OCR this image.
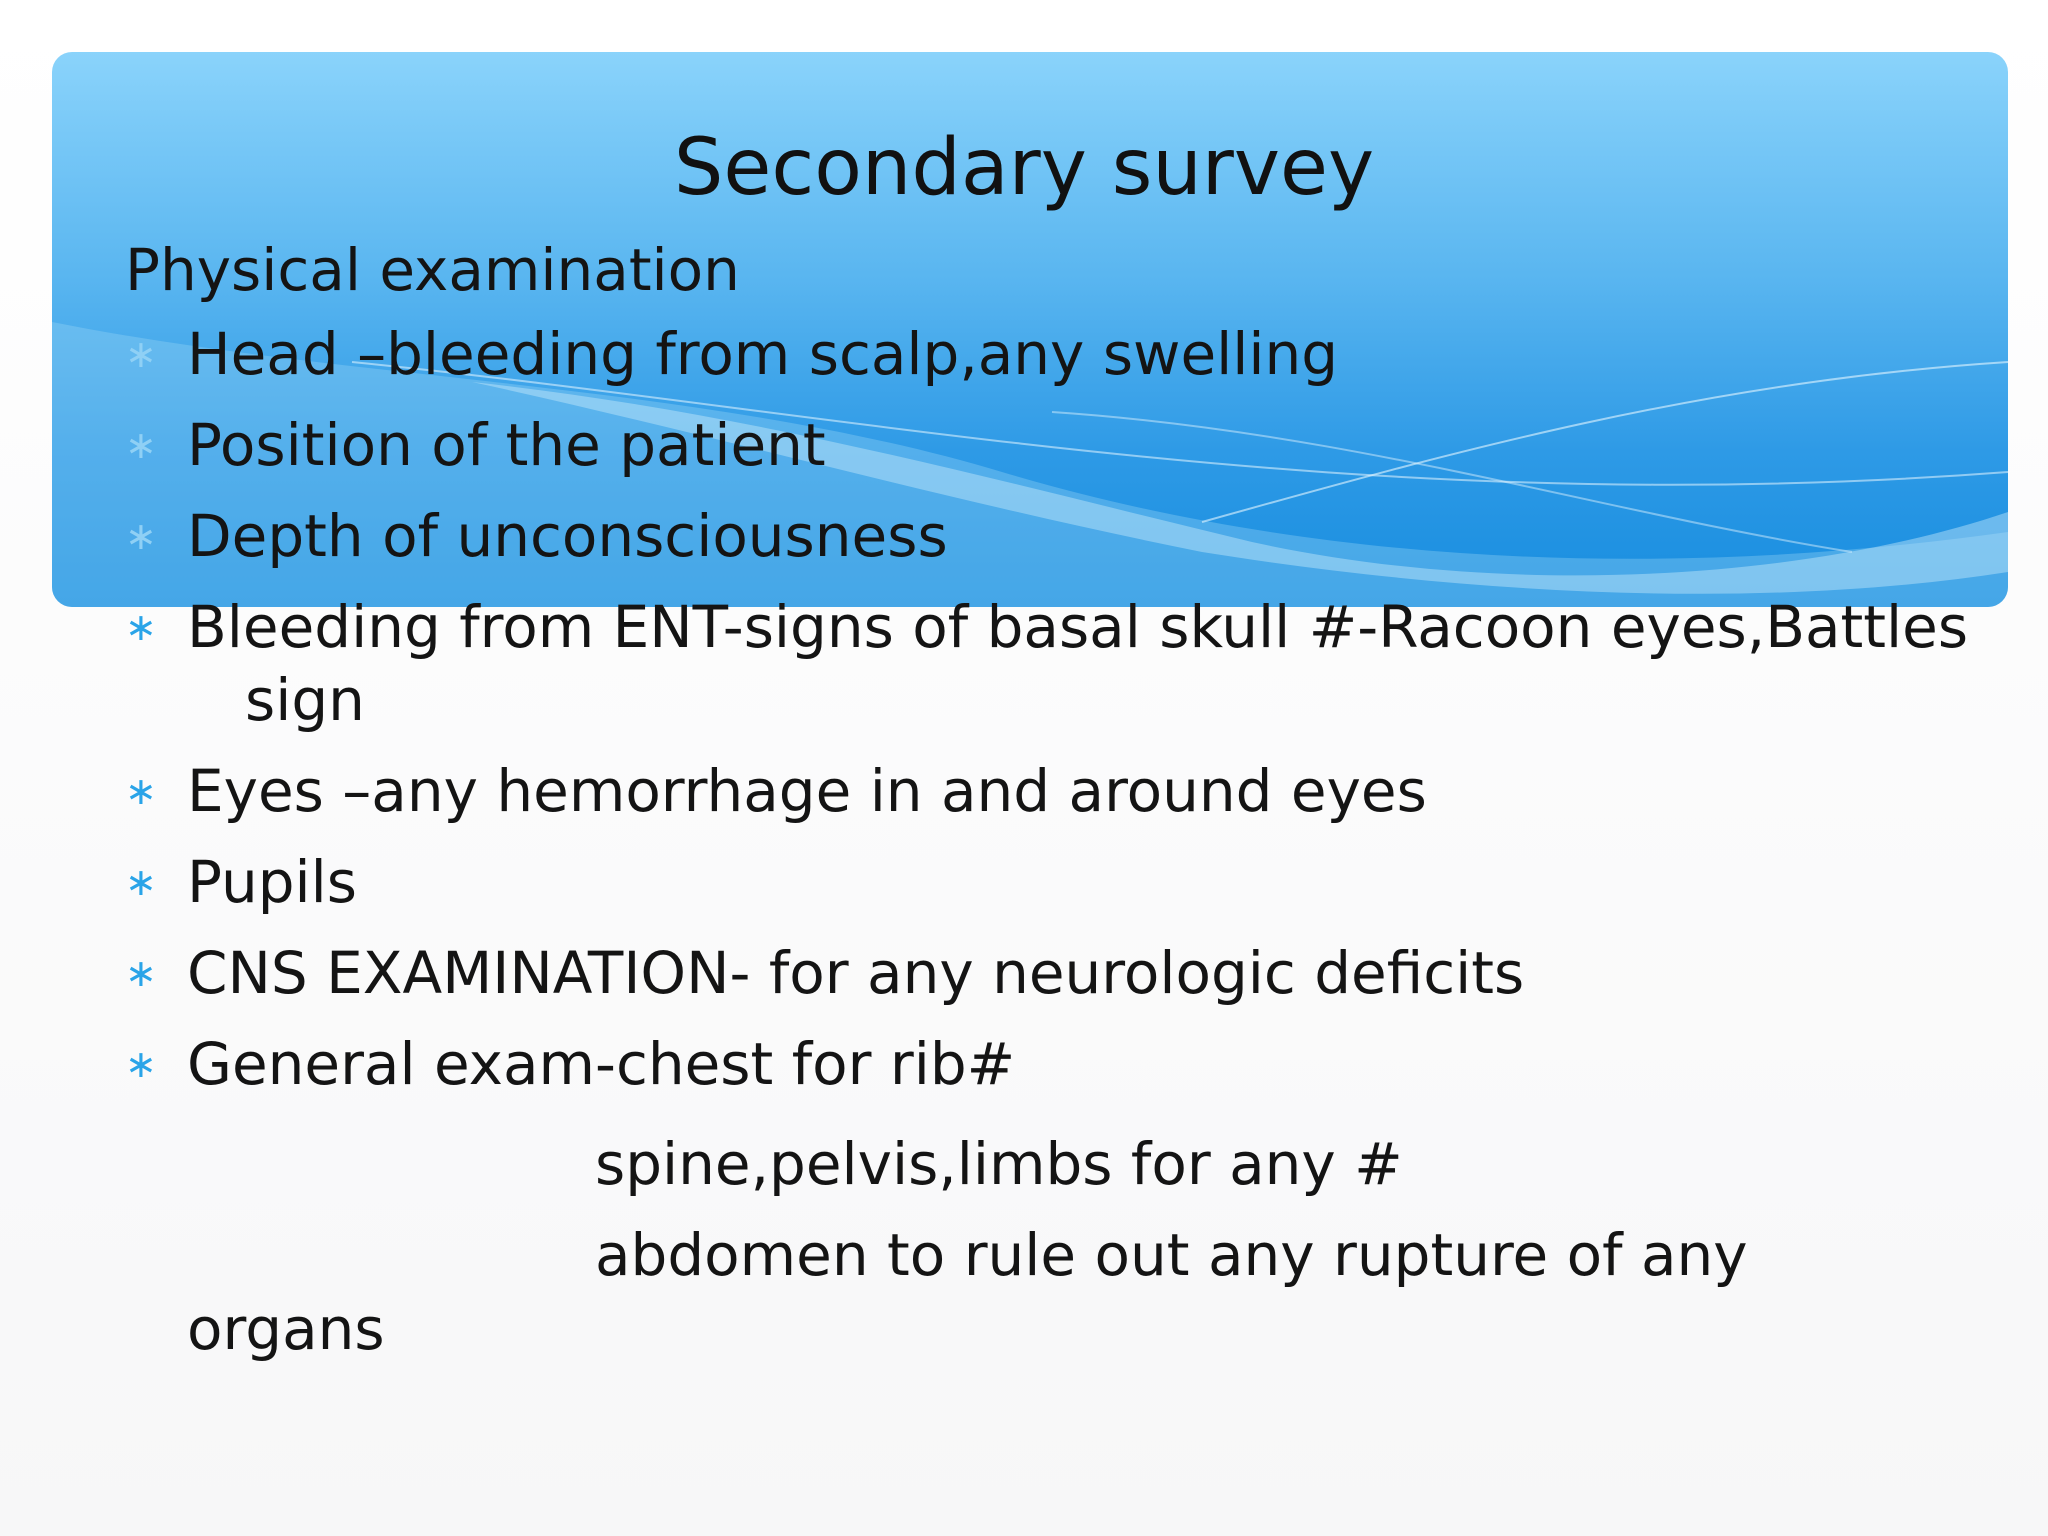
Secondary survey
Physical examination
∗ Head –bleeding from scalp,any swelling
∗ Position of the patient
∗ Depth of unconsciousness
∗ Bleeding from ENT-signs of basal skull #-Racoon eyes,Battles
sign
∗ Eyes –any hemorrhage in and around eyes
∗ Pupils
∗ CNS EXAMINATION- for any neurologic deficits
∗ General exam-chest for rib#
spine,pelvis,limbs for any #
abdomen to rule out any rupture of any
organs
